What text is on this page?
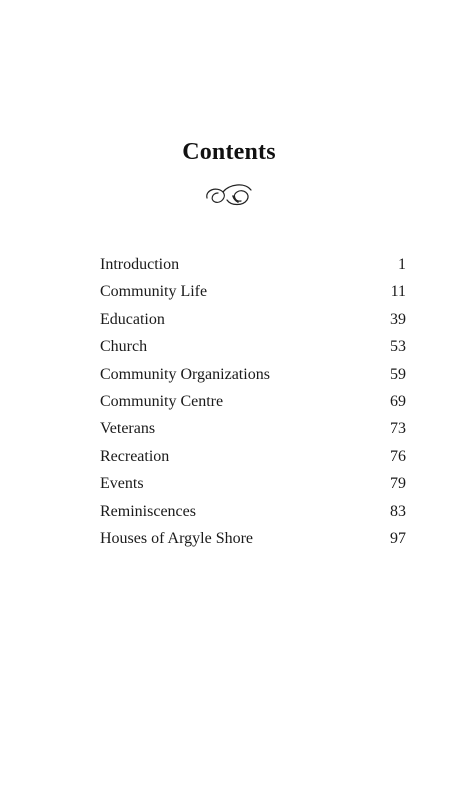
Contents
Introduction	1
Community Life	11
Education	39
Church	53
Community Organizations	59
Community Centre	69
Veterans	73
Recreation	76
Events	79
Reminiscences	83
Houses of Argyle Shore	97
